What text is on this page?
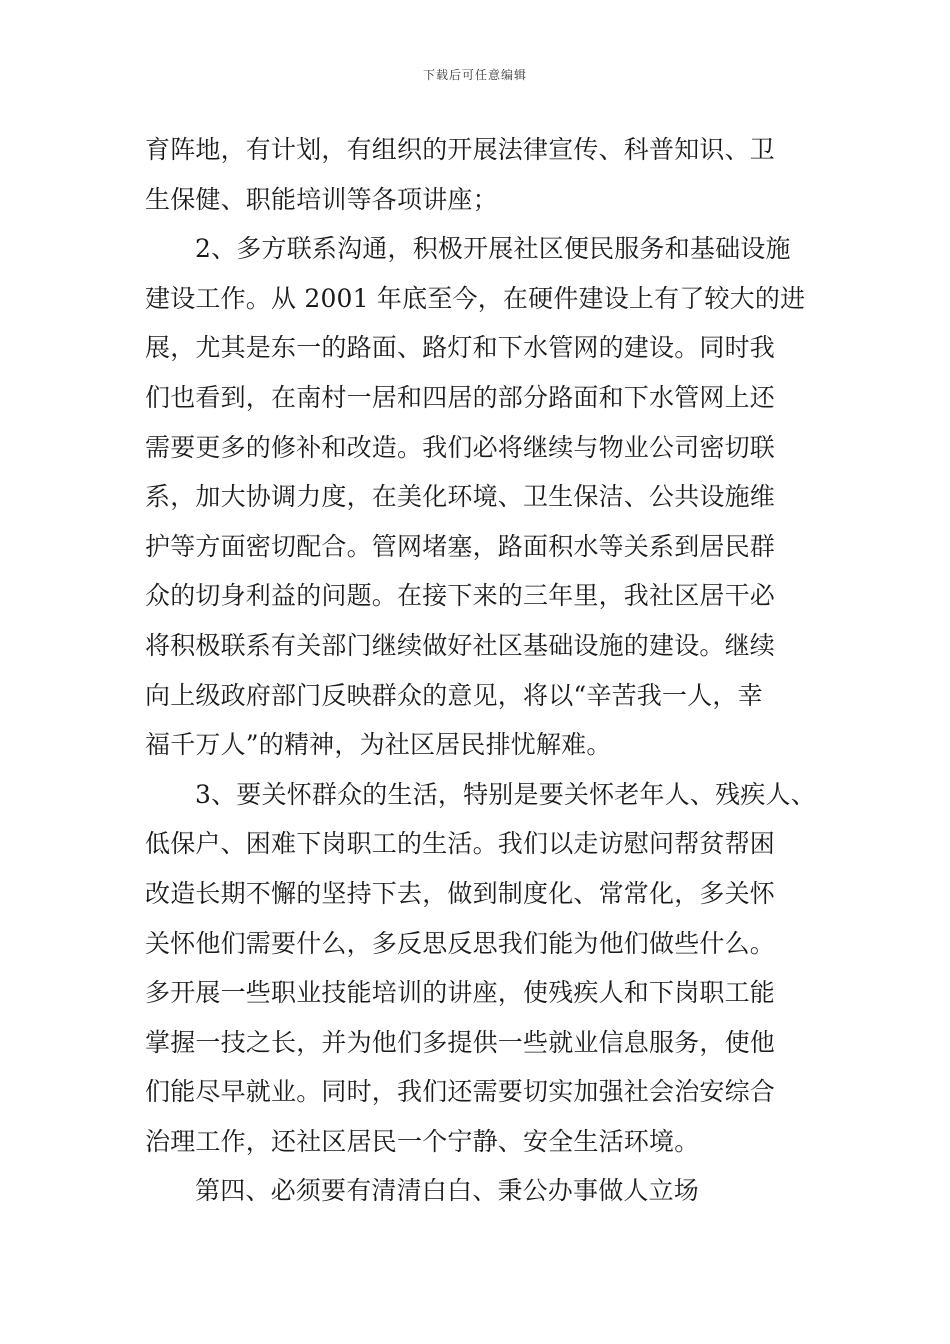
下载后可任意编辑
育阵地，有计划，有组织的开展法律宣传、科普知识、卫
生保健、职能培训等各项讲座；
2、多方联系沟通，积极开展社区便民服务和基础设施
建设工作。从 2001 年底至今，在硬件建设上有了较大的进
展，尤其是东一的路面、路灯和下水管网的建设。同时我
们也看到，在南村一居和四居的部分路面和下水管网上还
需要更多的修补和改造。我们必将继续与物业公司密切联
系，加大协调力度，在美化环境、卫生保洁、公共设施维
护等方面密切配合。管网堵塞，路面积水等关系到居民群
众的切身利益的问题。在接下来的三年里，我社区居干必
将积极联系有关部门继续做好社区基础设施的建设。继续
向上级政府部门反映群众的意见，将以“辛苦我一人，幸
福千万人”的精神，为社区居民排忧解难。
3、要关怀群众的生活，特别是要关怀老年人、残疾人、
低保户、困难下岗职工的生活。我们以走访慰问帮贫帮困
改造长期不懈的坚持下去，做到制度化、常常化，多关怀
关怀他们需要什么，多反思反思我们能为他们做些什么。
多开展一些职业技能培训的讲座，使残疾人和下岗职工能
掌握一技之长，并为他们多提供一些就业信息服务，使他
们能尽早就业。同时，我们还需要切实加强社会治安综合
治理工作，还社区居民一个宁静、安全生活环境。
第四、必须要有清清白白、秉公办事做人立场
